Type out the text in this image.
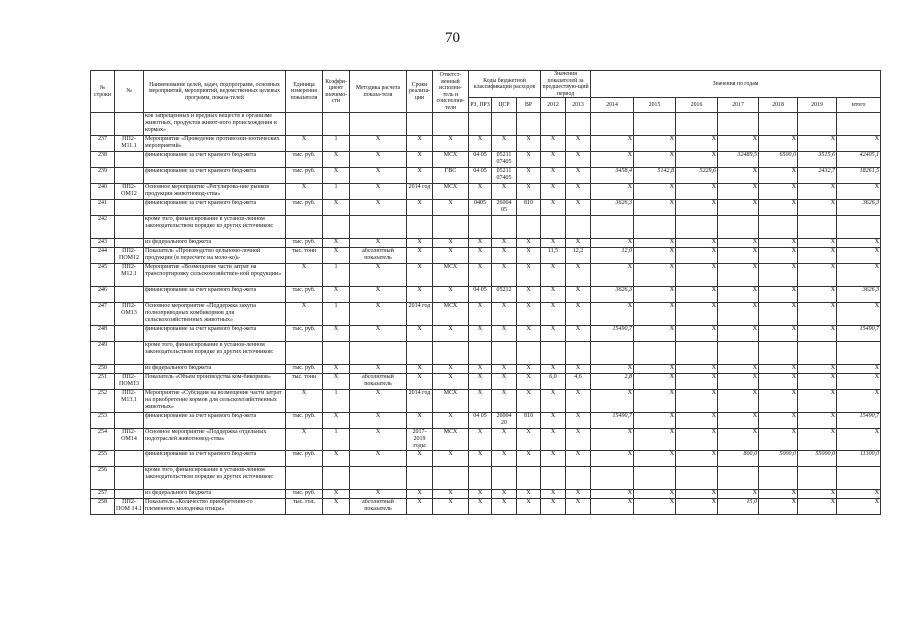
70
№ строки	№	Наименование целей, задач, подпрограмм, основных мероприятий, мероприятий, ведомственных целевых программ, показа-телей	Единица измерения показателя	Коэффи-циент значимо-сти	Методика расчета показа-теля	Сроки реализа-ции	Ответст-венный исполни-тель и соисполни-тели	Коды бюджетной классификации расходов			Значения показателей за предшествую-щий период		Значения по годам						

								РЗ, ПРЗ	ЦСР	ВР	2012	2013	2014	2015	2016	2017	2018	2019	итого
		ков запрещенных и вредных веществ в организме животных, продуктов живот-ного происхождения и кормах»																	
237	ПП2-М11.1	Мероприятие «Проведение противоэпи-зоотических мероприятий»	Х	1	Х	Х	Х	Х	Х	Х	Х	Х	Х	Х	Х	Х	Х	Х	Х
238		финансирование за счет краевого бюд-жета	тыс. руб.	Х	Х	Х	МСХ	04 05	05211 07405	Х	Х	Х	Х	Х	Х	32489,5	6500,0	3515,6	42405,1
239		финансирование за счет краевого бюд-жета	тыс. руб.	Х	Х	Х	ГВС	04 05	05211 07405	Х	Х	Х	3458,4	5142,8	5229,6	Х	Х	2432,7	18261,5
240	ПП2-ОМ12	Основное мероприятие «Регулирова-ние рынков продукции животновод-ства»	Х	1	Х	2014 год	МСХ	Х	Х	Х	Х	Х	Х	Х	Х	Х	Х	Х	Х
241		финансирование за счет краевого бюд-жета	тыс. руб.	Х	Х	Х	Х	0405	26004 05	810	Х	Х	3626,3	Х	Х	Х	Х	Х	3626,3
242		кроме того, финансирование в установ-ленном законодательством порядке из других источников:																	
243		из федерального бюджета	тыс. руб.	Х	Х	Х	Х	Х	Х	Х	Х	Х	Х	Х	Х	Х	Х	Х	Х
244	ПП2-ПОМ12	Показатель «Производство цельномо-лочной продукции (в пересчете на моло-ко)»	тыс. тонн	Х	абсолютный показатель	Х	Х	Х	Х	Х	11,5	12,2	12,0	Х	Х	Х	Х	Х	Х
245	ПП2-М12.1	Мероприятие «Возмещение части затрат на транспортировку сельскохозяйствен-ной продукции»	Х	1	Х	Х	МСХ	Х	Х	Х	Х	Х	Х	Х	Х	Х	Х	Х	Х
246		финансирование за счет краевого бюд-жета	тыс. руб.	Х	Х	Х	Х	04 05	05212	Х	Х	Х	3626,3	Х	Х	Х	Х	Х	3626,3
247	ПП2-ОМ13	Основное мероприятие «Поддержка закупа полноприводных комбикормов для сельскохозяйственных животных»	Х	1	Х	2014 год	МСХ	Х	Х	Х	Х	Х	Х	Х	Х	Х	Х	Х	Х
248		финансирование за счет краевого бюд-жета	тыс. руб.	Х	Х	Х	Х	Х	Х	Х	Х	Х	15490,7	Х	Х	Х	Х	Х	15490,7
249		кроме того, финансирование в установ-ленном законодательством порядке из других источников:																	
250		из федерального бюджета	тыс. руб.	Х	Х	Х	Х	Х	Х	Х	Х	Х	Х	Х	Х	Х	Х	Х	Х
251	ПП2-ПОМ13	Показатель «Объем производства ком-бикормов»	тыс. тонн	Х	абсолютный показатель	Х	Х	Х	Х	Х	6,0	4,6	2,8	Х	Х	Х	Х	Х	Х
252	ПП2-М13.1	Мероприятие «Субсидия на возмещение части затрат на приобретение кормов для сельскохозяйственных животных»	Х	1	Х	2014 год	МСХ	Х	Х	Х	Х	Х	Х	Х	Х	Х	Х	Х	Х
253		финансирование за счет краевого бюд-жета	тыс. руб.	Х	Х	Х	Х	04 05	26004 20	810	Х	Х	15490,7	Х	Х	Х	Х	Х	15490,7
254	ПП2-ОМ14	Основное мероприятие «Поддержка отдельных подотраслей животновод-ства»	Х	1	Х	2017-2019 годы	МСХ	Х	Х	Х	Х	Х	Х	Х	Х	Х	Х	Х	Х
255		финансирование за счет краевого бюд-жета	тыс. руб.	Х	Х	Х	Х	Х	Х	Х	Х	Х	Х	Х	Х	800,0	5000,0	55000,0	11300,0
256		кроме того, финансирование в установ-ленном законодательством порядке из других источников:																	
257		из федерального бюджета	тыс. руб.	Х	Х	Х	Х	Х	Х	Х	Х	Х	Х	Х	Х	Х	Х	Х	Х
258	ПП2-ПОМ 14.1	Показатель «Количество приобретенно-го племенного молодняка птицы»	тыс. гол.	Х	абсолютный показатель	Х	Х	Х	Х	Х	Х	Х	Х	Х	Х	15,0	Х	Х	Х
